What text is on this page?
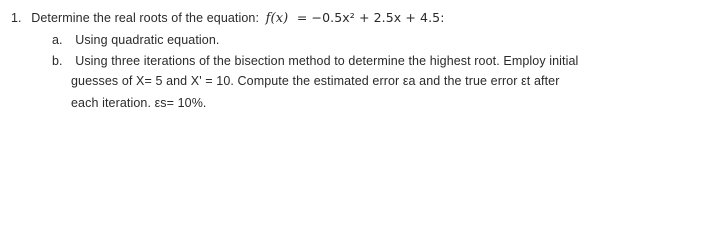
1. Determine the real roots of the equation: f(x) = −0.5x² + 2.5x + 4.5:
a. Using quadratic equation.
b. Using three iterations of the bisection method to determine the highest root. Employ initial
guesses of X= 5 and X' = 10. Compute the estimated error εa and the true error εt after
each iteration. εs= 10%.
